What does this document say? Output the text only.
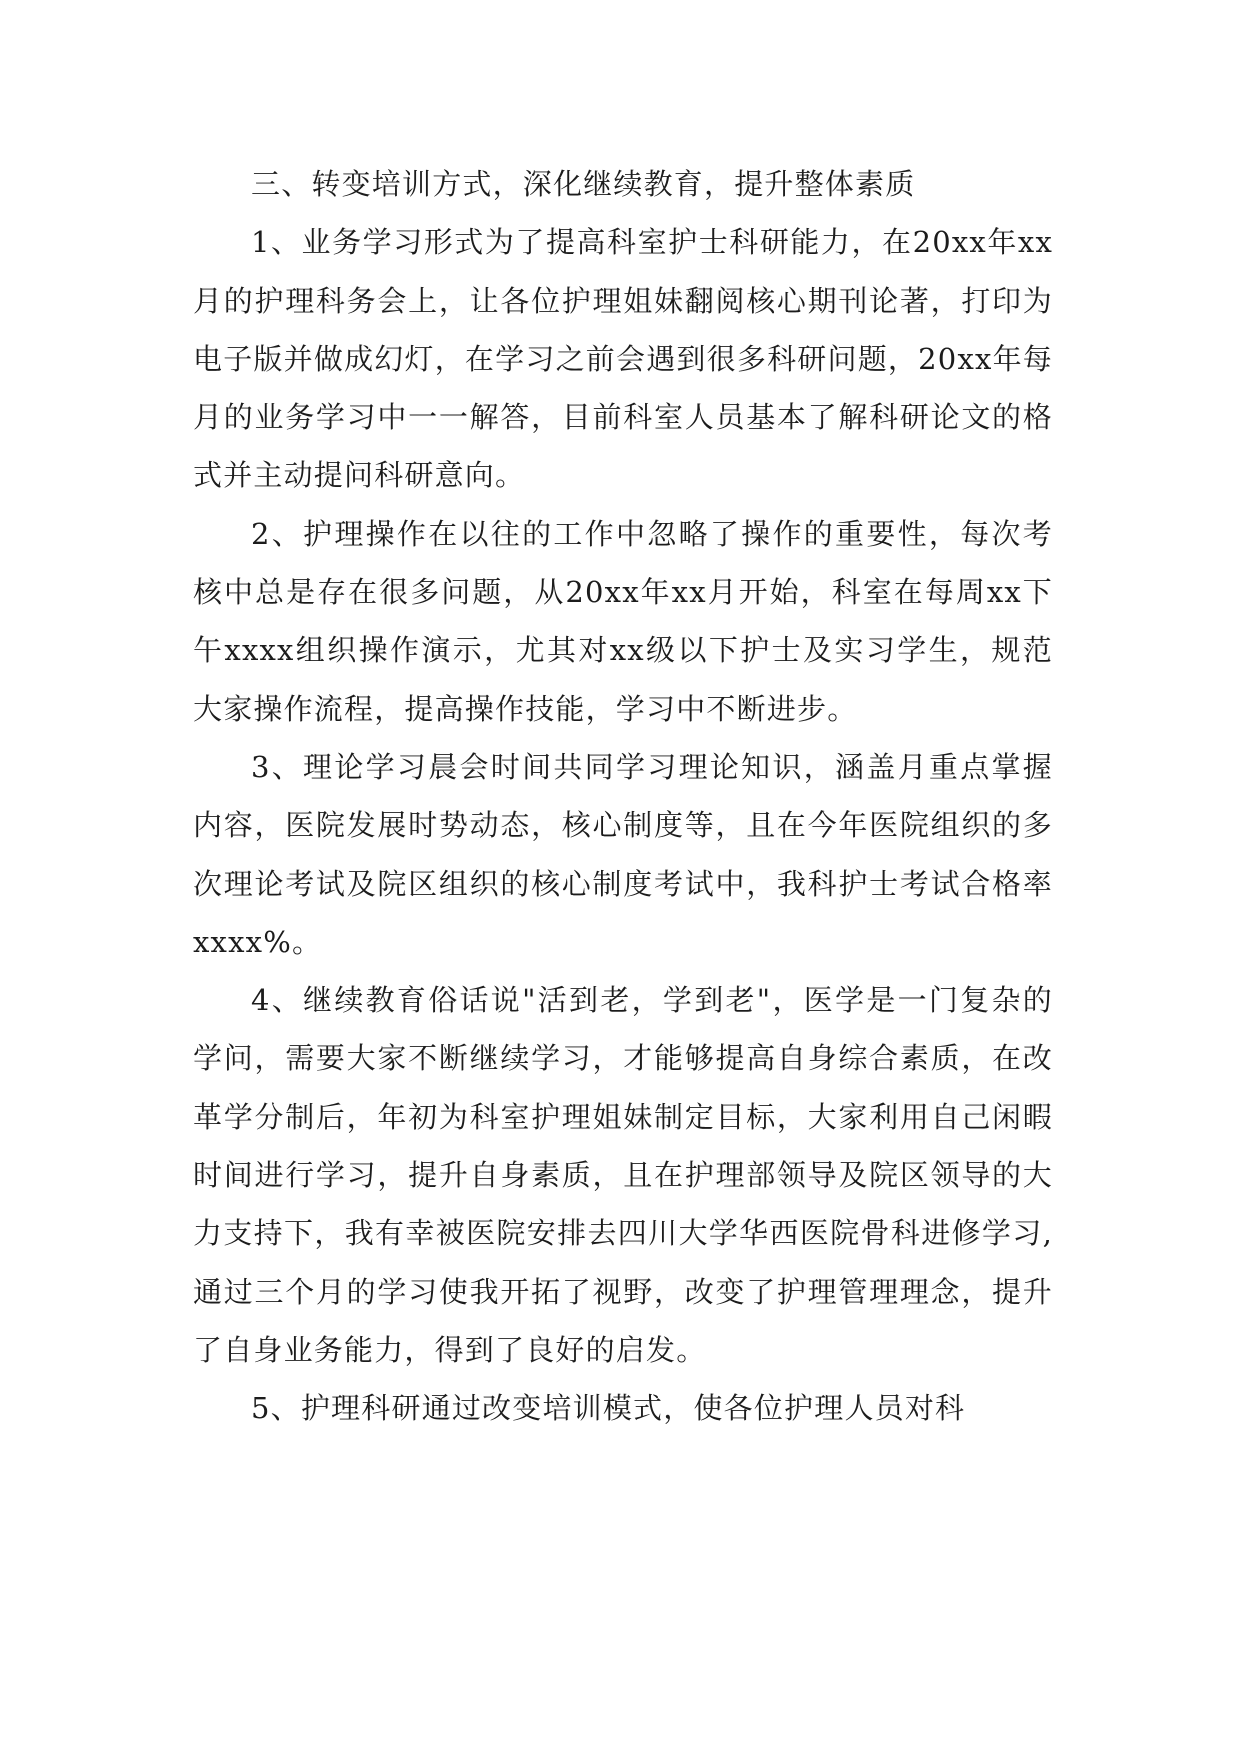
三、转变培训方式，深化继续教育，提升整体素质

1、业务学习形式为了提高科室护士科研能力，在20xx年xx月的护理科务会上，让各位护理姐妹翻阅核心期刊论著，打印为电子版并做成幻灯，在学习之前会遇到很多科研问题，20xx年每月的业务学习中一一解答，目前科室人员基本了解科研论文的格式并主动提问科研意向。

2、护理操作在以往的工作中忽略了操作的重要性，每次考核中总是存在很多问题，从20xx年xx月开始，科室在每周xx下午xxxx组织操作演示，尤其对xx级以下护士及实习学生，规范大家操作流程，提高操作技能，学习中不断进步。

3、理论学习晨会时间共同学习理论知识，涵盖月重点掌握内容，医院发展时势动态，核心制度等，且在今年医院组织的多次理论考试及院区组织的核心制度考试中，我科护士考试合格率xxxx%。

4、继续教育俗话说"活到老，学到老"，医学是一门复杂的学问，需要大家不断继续学习，才能够提高自身综合素质，在改革学分制后，年初为科室护理姐妹制定目标，大家利用自己闲暇时间进行学习，提升自身素质，且在护理部领导及院区领导的大力支持下，我有幸被医院安排去四川大学华西医院骨科进修学习,通过三个月的学习使我开拓了视野，改变了护理管理理念，提升了自身业务能力，得到了良好的启发。

5、护理科研通过改变培训模式，使各位护理人员对科
